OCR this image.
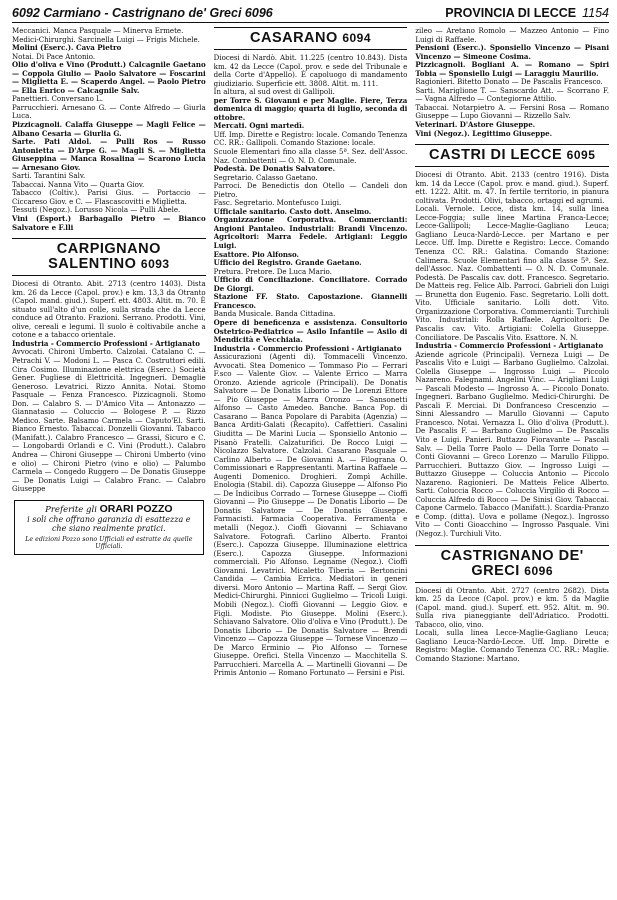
6092 Carmiano - Castrignano de' Greci 6096	PROVINCIA DI LECCE 1154

Meccanici. Manca Pasquale — Minerva Ermete.

Medici-Chirurghi. Sarcinella Luigi — Frigis Michele.

Molini (Eserc.). Cava Pietro

Notai. Di Pace Antonio.

Olio d'oliva e Vino (Produtt.) Calcagnile Gaetano — Coppola Giulio — Paolo Salvatore — Foscarini — Miglietta E. — Scaperdo Angel. — Paolo Pietro — Ella Enrico — Calcagnile Salv.

Panettieri. Conversano L.

Parrucchieri. Arnesano G. — Conte Alfredo — Giurla Luca.

Pizzicagnoli. Calaffa Giuseppe — Magli Felice — Albano Cesaria — Giurlia G.

Sarte. Pati Aldol. — Pulli Ros — Russo Antonietta — D'Arpe G. — Magli S. — Miglietta Giuseppina — Manca Rosalina — Scarono Lucia — Arnesano Giov.

Sarti. Tarantini Salv.

Tabaccai. Nanna Vito — Quarta Giov.

Tabacco (Coltiv.). Parisi Gius. — Portaccio — Ciccareso Giov. e C. — Flascascovitti e Miglietta.

Tessuti (Negoz.). Lorusso Nicola — Pulli Abele.

Vini (Esport.) Barbagallo Pietro — Bianco Salvatore e F.lli

CARPIGNANO SALENTINO 6093

Diocesi di Otranto. Abit. 2713 (centro 1403). Dista km. 26 da Lecce (Capol. prov.) e km. 13,3 da Otranto (Capol. mand. giud.). Superf. ett. 4803. Altit. m. 70. È situato sull'alto d'un colle, sulla strada che da Lecce conduce ad Otranto. Frazioni. Serrano. Prodotti. Vini, olive, cereali e legumi. Il suolo è coltivabile anche a cotone e a tabacco orientale.

Industria - Commercio Professioni - Artigianato

Avvocati. Chironi Umberto. Calzolai. Catalano C. — Petrachi V. — Modoni L. — Pasca C. Costruttori edili. Cira Cosimo. Illuminazione elettrica (Eserc.) Società Gener. Pugliese di Elettricità. Ingegneri. Demaglie Generoso. Levatrici. Rizzo Annita. Notai. Stomo Pasquale — Fenza Francesco. Pizzicagnoli. Stomo Don. — Calabro S. — D'Amico Vita — Antonazzo — Giannatasio — Coluccio — Bologese P. — Rizzo Medico. Sarte. Balsamo Carmela — Caputo'El. Sarti. Bianco Ernesto. Tabaccai. Donzelli Giovanni. Tabacco (Manifatt.). Calabro Francesco — Grassi, Sicuro e C. — Longobardi Orlandi e C. Vini (Produtt.). Calabro Andrea — Chironi Giuseppe — Chironi Umberto (vino e olio) — Chironi Pietro (vino e olio) — Palumbo Carmela — Congedo Ruggero — De Donatis Giuseppe — De Donatis Luigi — Calabro Franc. — Calabro Giuseppe

Preferite gli ORARI POZZO
i soli che offrano garanzia di esattezza e che siano realmente pratici.
Le edizioni Pozzo sono Ufficiali ed estratte da quelle Ufficiali.
CASARANO 6094

Diocesi di Nardò. Abit. 11.225 (centro 10.843). Dista km. 42 da Lecce (Capol. prov. e sede del Tribunale e della Corte d'Appello). È capoluogo di mandamento giudiziario. Superficie ett. 3808. Altit. m. 111.

In altura, al sud ovest di Gallipoli.

per Torre S. Giovanni e per Maglie. Fiere, Terza domenica di maggio; quarta di luglio, seconda di ottobre.

Mercati. Ogni martedì.

Uff. Imp. Dirette e Registro: locale. Comando Tenenza CC. RR.: Gallipoli. Comando Stazione: locale.

Scuole Elementari fino alla classe 5ª. Sez. dell'Assoc. Naz. Combattenti — O. N. D. Comunale.

Podestà. De Donatis Salvatore.

Segretario. Calasso Gaetano.

Parroci. De Benedictis don Otello — Candeli don Pietro.

Fasc. Segretario. Montefusco Luigi.

Ufficiale sanitario. Casto dott. Anselmo.

Organizzazione Corporativa. Commercianti: Angioni Pantaleo. Industriali: Brandi Vincenzo. Agricoltori: Marra Fedele. Artigiani: Leggio Luigi.

Esattore. Pio Alfonso.

Ufficio del Registro. Grande Gaetano.

Pretura. Pretore. De Luca Mario.

Ufficio di Conciliazione. Conciliatore. Corrado De Giorgi.

Stazione FF. Stato. Capostazione. Giannelli Francesco.

Banda Musicale. Banda Cittadina.

Opere di beneficenza e assistenza. Consultorio Ostetrico-Pediatrico — Asilo Infantile — Asilo di Mendicità e Vecchiaia.

Industria - Commercio Professioni - Artigianato

Assicurazioni (Agenti di). Tommacelli Vincenzo. Avvocati. Stea Domenico — Tommaso Pio — Ferrari F.sco — Valente Giov. — Valente Errico — Marra Oronzo. Aziende agricole (Principali). De Donatis Salvatore — De Donatis Liborio — De Lorenzi Ettore — Pio Giuseppe — Marra Oronzo — Sansonetti Alfonso — Casto Amedeo. Banche. Banca Pop. di Casarano — Banca Popolare di Parabita (Agenzia) — Banca Arditi-Galati (Recapito). Caffettieri. Casalini Giuditta — De Marini Lucia — Sponsiello Antonio — Pisanò Fratelli. Calzaturifici. De Rocco Luigi — Nicolazzo Salvatore. Calzolai. Casarano Pasquale — Carlino Alberto — De Giovanni A. — Filograna O. Commissionari e Rappresentanti. Martina Raffaele — Augenti Domenico. Droghieri. Zompì Achille. Enologia (Stabil. di). Capozza Giuseppe — Alfonso Pio — De Indicibus Corrado — Tornese Giuseppe — Cioffi Giovanni — Pio Giuseppe — De Donatis Liborio — De Donatis Salvatore — De Donatis Giuseppe. Farmacisti. Farmacia Cooperativa. Ferramenta e metalli (Negoz.). Cioffi Giovanni — Schiavano Salvatore. Fotografi. Carlino Alberto. Frantoi (Eserc.). Capozza Giuseppe. Illuminazione elettrica (Eserc.). Capozza Giuseppe. Informazioni commerciali. Pio Alfonso. Legname (Negoz.). Cioffi Giovanni. Levatrici. Micaletto Tiberia — Bertoncini Candida — Cambia Errica. Mediatori in generi diversi. Moro Antonio — Martina Raff. — Sergi Giov. Medici-Chirurghi. Pinnicci Guglielmo — Tricoli Luigi. Mobili (Negoz.). Cioffi Giovanni — Leggio Giov. e Figli. Modiste. Pio Giuseppe. Molini (Eserc.). Schiavano Salvatore. Olio d'oliva e Vino (Produtt.). De Donatis Liborio — De Donatis Salvatore — Brendi Vincenzo — Capozza Giuseppe — Tornese Vincenzo — De Marco Erminio — Pio Alfonso — Tornese Giuseppe. Orefici. Stella Vincenzo — Macchitella S. Parrucchieri. Marcella A. — Martinelli Giovanni — De Primis Antonio — Romano Fortunato — Fersini e Pisi.

zileo — Aretano Romolo — Mazzeo Antonio — Fino Luigi di Raffaele.

Pensioni (Eserc.). Sponsiello Vincenzo — Pisani Vincenzo — Simeone Cosima.

Pizzicagnoli. Bogliani A. — Romano — Spiri Tobia — Sponsiello Luigi — Laraggiu Maurilio.

Ragionieri. Bitetto Donato — De Pascalis Francesco.

Sarti. Mariglione T. — Sanscardo Att. — Scorrano F. — Vagna Alfredo — Contegiorne Attilio.

Tabaccai. Notarpietro A. — Fersini Rosa — Romano Giuseppe — Lupo Giovanni — Rizzello Salv.

Veterinari. D'Astore Giuseppe.

Vini (Negoz.). Legittimo Giuseppe.

CASTRI DI LECCE 6095

Diocesi di Otranto. Abit. 2133 (centro 1916). Dista km. 14 da Lecce (Capol. prov. e mand. giud.). Superf. ett. 1222. Altit. m. 47. In fertile territorio, in pianura coltivata. Prodotti. Olivi, tabacco, ortaggi ed agrumi.

Locali. Vernole. Lecce, dista km. 14, sulla linea Lecce-Foggia; sulle linee Martina Franca-Lecce; Lecce-Gallipoli; Lecce-Maglie-Gagliano Leuca; Gagliano Leuca-Nardò-Lecce. per Martano e per Lecce. Uff. Imp. Dirette e Registro: Lecce. Comando Tenenza CC. RR.: Galatina. Comando Stazione: Calimera. Scuole Elementari fino alla classe 5ª. Sez. dell'Assoc. Naz. Combattenti — O. N. D. Comunale. Podestà. De Pascalis cav. dott. Francesco. Segretario. De Matteis reg. Felice Alb. Parroci. Gabrieli don Luigi — Brunetta don Eugenio. Fasc. Segretario. Lolli dott. Vito. Ufficiale sanitario. Lolli dott. Vito. Organizzazione Corporativa. Commercianti: Turchiuli Vito. Industriali: Rolla Raffaele. Agricoltori: De Pascalis cav. Vito. Artigiani: Colella Giuseppe. Conciliatore. De Pascalis Vito. Esattore. N. N.

Industria - Commercio Professioni - Artigianato

Aziende agricole (Principali). Verneza Luigi — De Pascalis Vito e Luigi — Barbano Guglielmo. Calzolai. Colella Giuseppe — Ingrosso Luigi — Piccolo Nazareno. Falegnami. Angelini Vinc. — Arigliani Luigi — Pascali Modesto — Ingrosso A. — Piccolo Donato. Ingegneri. Barbano Guglielmo. Medici-Chirurghi. De Pascali F. Merciai. Di Donfranceso Crescenzio — Sinni Alessandro — Marullo Giovanni — Caputo Francesco. Notai. Vernazza L. Olio d'oliva (Produtt.). De Pascalis F. — Barbano Guglielmo — De Pascalis Vito e Luigi. Panieri. Buttazzo Fioravante — Pascali Salv. — Della Torre Paolo — Della Torre Donato — Conti Giovanni — Greco Lorenzo — Marullo Filippo. Parrucchieri. Buttazzo Giov. — Ingrosso Luigi — Buttazzo Giuseppe — Coluccia Antonio — Piccolo Nazareno. Ragionieri. De Matteis Felice Alberto. Sarti. Coluccia Rocco — Coluccia Virgilio di Rocco — Coluccia Alfredo di Rocco — De Sinisi Giov. Tabaccai. Capone Carmelo. Tabacco (Manifatt.). Scardia-Pranzo e Comp. (ditta). Uova e pollame (Negoz.). Ingrosso Vito — Conti Gioacchino — Ingrosso Pasquale. Vini (Negoz.). Turchiuli Vito.

CASTRIGNANO DE' GRECI 6096

Diocesi di Otranto. Abit. 2727 (centro 2682). Dista km. 25 da Lecce (Capol. prov.) e km. 5 da Maglie (Capol. mand. giud.). Superf. ett. 952. Altit. m. 90. Sulla riva pianeggiante dell'Adriatico. Prodotti. Tabacco, olio, vino.

Locali, sulla linea Lecce-Maglie-Gagliano Leuca; Gagliano Leuca-Nardò-Lecce. Uff. Imp. Dirette e Registro: Maglie. Comando Tenenza CC. RR.: Maglie. Comando Stazione: Martano.
